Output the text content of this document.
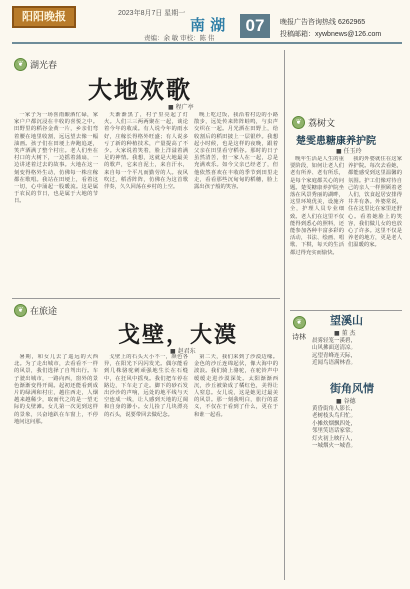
阳阳晚报	2023年8月7日 星期一
南 湖
责编：余 敏 审校：陈 伟
07	晚报广告咨询热线 6262965
投稿邮箱：xywbnews@126.com
❦ 湖光春
大地欢歌
■ 程广亭

一家子为一场喜雨酿酒忙碌，家家户户都沉浸在丰收的喜悦之中。田野里的稻谷金黄一片，乡亲们弯着腰在地里收割，远远望去像一幅油画。孩子们在田埂上奔跑追逐，笑声洒满了整个村庄。老人们坐在村口的大树下，一边摇着蒲扇，一边讲述着过去的故事。大地在这一刻变得格外生动，仿佛每一株庄稼都在歌唱。我站在田埂上，看着这一切，心中涌起一股暖流。这是属于农民的节日，也是属于大地的节日。

天渐渐黑了，村子里亮起了灯火。人们三三两两聚在一起，谈论着今年的收成。有人说今年的雨水好，庄稼长得格外旺盛；有人说多亏了新的种植技术，产量提高了不少。大家说着笑着，脸上洋溢着满足的神情。我想，这就是大地最美的歌声，它来自泥土，来自汗水，来自每一个平凡而勤劳的人。夜风吹过，稻香阵阵，仿佛在为这首歌伴奏，久久回荡在乡村的上空。

晚上吃过饭，我沿着村边的小路散步，远处传来阵阵蛙鸣，与虫声交织在一起。月光洒在田野上，给收割后的稻田披上一层银纱。我想起小时候，也是这样的夜晚，跟着父亲在田里看守稻谷。那时的日子虽然清苦，但一家人在一起，总是充满欢乐。如今父亲已经老了，但他依然喜欢在丰收的季节到田里走走，看看那些沉甸甸的稻穗，脸上露出孩子般的笑容。

❦ 在旅途
戈壁，大漠
■ 赵君东

暑期，和女儿去了遥远的大西北。为了走出城市，去看看不一样的风景，我们选择了自驾出行。车子驶出城市，一路向西，窗外的景色渐渐变得开阔。起初还能看到成片的绿洲和村庄，越往西走，人烟越来越稀少，取而代之的是一望无际的戈壁滩。女儿第一次见到这样的景象，兴奋地趴在车窗上，不停地问这问那。

戈壁上的石头大小不一，颜色各异，在阳光下闪闪发光。偶尔能看到几株骆驼刺顽强地生长在石缝中，在狂风中摇曳。我们把车停在路边，下车走了走。脚下的砂石发出沙沙的声响，远处的地平线与天空连成一线，让人感到天地的辽阔和自身的渺小。女儿捡了几块漂亮的石头，说要带回去做纪念。

第二天，我们来到了沙漠边缘。金色的沙丘连绵起伏，像大海中的波浪。我们骑上骆驼，在驼铃声中缓缓走进沙漠深处。太阳渐渐西沉，沙丘被染成了橘红色，美得让人窒息。女儿说，这是她见过最美的风景。那一刻我明白，旅行的意义，不仅在于看到了什么，更在于和谁一起看。

❦ 荔树文
楚雯患糖康养护院
■ 任玉玲

晚年生活是人生的重要阶段，如何让老人们老有所养、老有所乐，是每个家庭都关心的问题。楚雯糖康养护院坐落在风景秀丽的湖畔，这里环境优美，设施齐全，护理人员专业细致。老人们在这里不仅能得到悉心的照料，还能参加各种丰富多彩的活动，书法、绘画、唱歌、下棋，每天的生活都过得充实而愉快。

我的外婆就住在这家养护院。每次去看她，都能感受到这里温馨的氛围。护工们像对待自己的亲人一样照顾着老人们，饮食起居安排得井井有条。外婆常说，住在这里比在家里还舒心。看着她脸上的笑容，我们做儿女的也放心了许多。这里不仅是养老的地方，更是老人们温暖的家。

❦
诗林
望溪山
■ 董 杰
晨雾轻笼一溪碧，
山风拂面送清凉。
远望青峰连天际，
近闻鸟语满林香。
街角风情
■ 谷德
黄昏街角人影长，
老树枝头鸟归忙。
小摊炊烟飘四处，
邻里笑语话家常。
灯火初上映行人，
一城烟火一城香。
